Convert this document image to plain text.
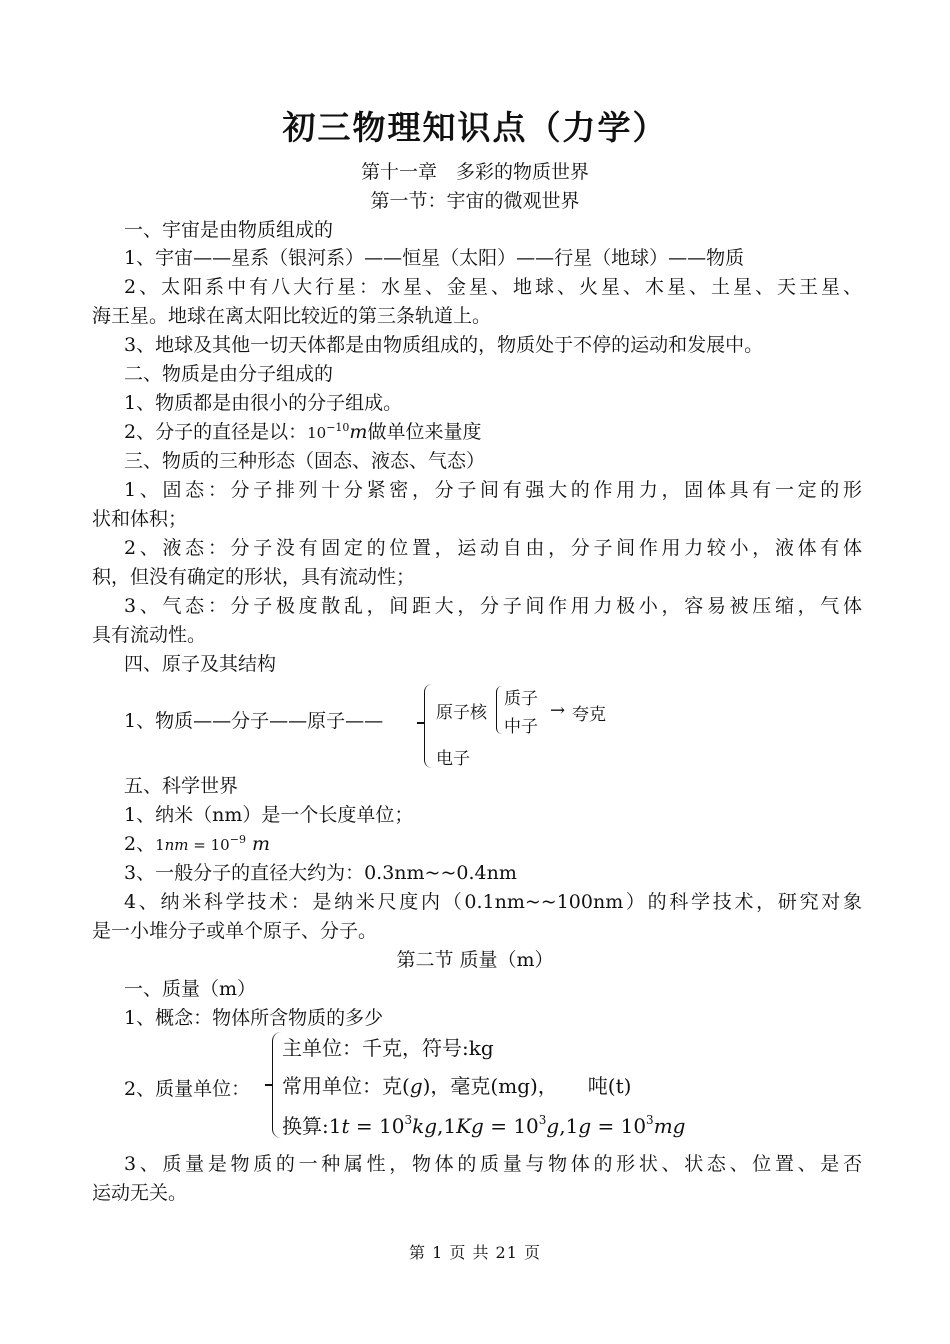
初三物理知识点（力学）
第十一章　多彩的物质世界
第一节：宇宙的微观世界
一、宇宙是由物质组成的
1、宇宙——星系（银河系）——恒星（太阳）——行星（地球）——物质
2、太阳系中有八大行星：水星、金星、地球、火星、木星、土星、天王星、
海王星。地球在离太阳比较近的第三条轨道上。
3、地球及其他一切天体都是由物质组成的，物质处于不停的运动和发展中。
二、物质是由分子组成的
1、物质都是由很小的分子组成。
2、分子的直径是以：$10^{-10}m$做单位来量度
三、物质的三种形态（固态、液态、气态）
1、固态：分子排列十分紧密，分子间有强大的作用力，固体具有一定的形
状和体积；
2、液态：分子没有固定的位置，运动自由，分子间作用力较小，液体有体
积，但没有确定的形状，具有流动性；
3、气态：分子极度散乱，间距大，分子间作用力极小，容易被压缩，气体
具有流动性。
四、原子及其结构
1、物质——分子——原子——	原子核
电子
质子
中子
→ 夸克
五、科学世界
1、纳米（nm）是一个长度单位；
2、$1nm = 10^{-9}$ m
3、一般分子的直径大约为：0.3nm~~0.4nm
4、纳米科学技术：是纳米尺度内（0.1nm~~100nm）的科学技术，研究对象
是一小堆分子或单个原子、分子。
第二节 质量（m）
一、质量（m）
1、概念：物体所含物质的多少
2、质量单位：
主单位：千克，符号:kg
常用单位：克(g)，毫克(mg)，　　吨(t)
换算:1t = $10^3kg,1Kg = 10^3g,1g = 10^3mg$
3、质量是物质的一种属性，物体的质量与物体的形状、状态、位置、是否
运动无关。
第 1 页 共 21 页
